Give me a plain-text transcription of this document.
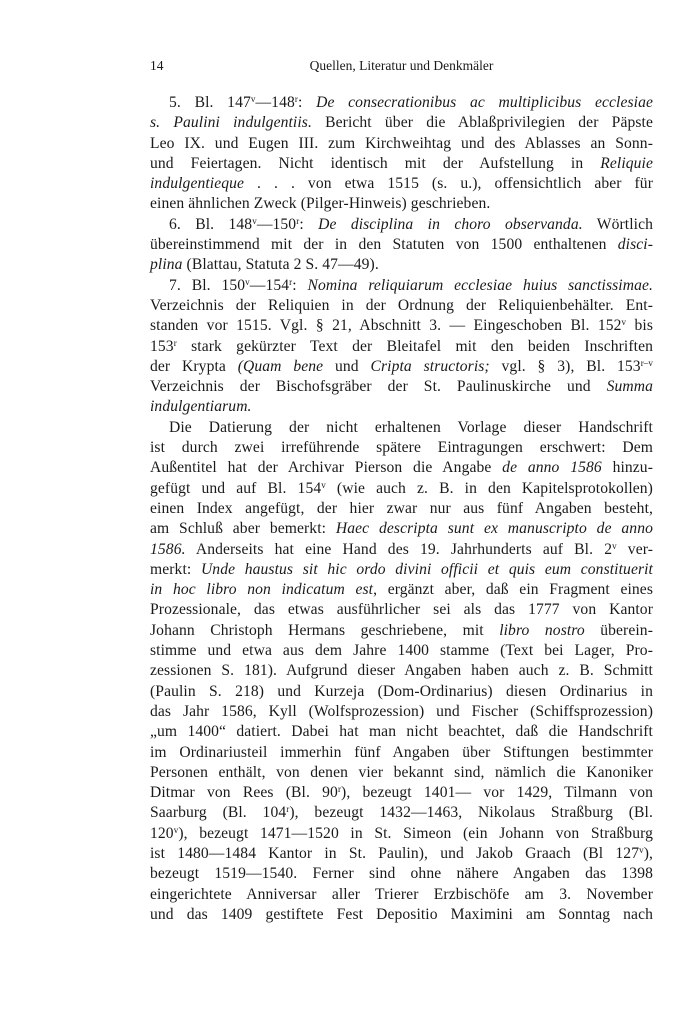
14	Quellen, Literatur und Denkmäler
5. Bl. 147$^v$—148$^r$: De consecrationibus ac multiplicibus ecclesiae
s. Paulini indulgentiis. Bericht über die Ablaßprivilegien der Päpste
Leo IX. und Eugen III. zum Kirchweihtag und des Ablasses an Sonn-
und Feiertagen. Nicht identisch mit der Aufstellung in Reliquie
indulgentieque . . . von etwa 1515 (s. u.), offensichtlich aber für
einen ähnlichen Zweck (Pilger-Hinweis) geschrieben.
6. Bl. 148$^v$—150$^r$: De disciplina in choro observanda. Wörtlich
übereinstimmend mit der in den Statuten von 1500 enthaltenen disci-
plina (Blattau, Statuta 2 S. 47—49).
7. Bl. 150$^v$—154$^r$: Nomina reliquiarum ecclesiae huius sanctissimae.
Verzeichnis der Reliquien in der Ordnung der Reliquienbehälter. Ent-
standen vor 1515. Vgl. § 21, Abschnitt 3. — Eingeschoben Bl. 152$^v$ bis
153$^r$ stark gekürzter Text der Bleitafel mit den beiden Inschriften
der Krypta (Quam bene und Cripta structoris; vgl. § 3), Bl. 153$^{r-v}$
Verzeichnis der Bischofsgräber der St. Paulinuskirche und Summa
indulgentiarum.
Die Datierung der nicht erhaltenen Vorlage dieser Handschrift
ist durch zwei irreführende spätere Eintragungen erschwert: Dem
Außentitel hat der Archivar Pierson die Angabe de anno 1586 hinzu-
gefügt und auf Bl. 154$^v$ (wie auch z. B. in den Kapitelsprotokollen)
einen Index angefügt, der hier zwar nur aus fünf Angaben besteht,
am Schluß aber bemerkt: Haec descripta sunt ex manuscripto de anno
1586. Anderseits hat eine Hand des 19. Jahrhunderts auf Bl. 2$^v$ ver-
merkt: Unde haustus sit hic ordo divini officii et quis eum constituerit
in hoc libro non indicatum est, ergänzt aber, daß ein Fragment eines
Prozessionale, das etwas ausführlicher sei als das 1777 von Kantor
Johann Christoph Hermans geschriebene, mit libro nostro überein-
stimme und etwa aus dem Jahre 1400 stamme (Text bei Lager, Pro-
zessionen S. 181). Aufgrund dieser Angaben haben auch z. B. Schmitt
(Paulin S. 218) und Kurzeja (Dom-Ordinarius) diesen Ordinarius in
das Jahr 1586, Kyll (Wolfsprozession) und Fischer (Schiffsprozession)
„um 1400“ datiert. Dabei hat man nicht beachtet, daß die Handschrift
im Ordinariusteil immerhin fünf Angaben über Stiftungen bestimmter
Personen enthält, von denen vier bekannt sind, nämlich die Kanoniker
Ditmar von Rees (Bl. 90$^r$), bezeugt 1401— vor 1429, Tilmann von
Saarburg (Bl. 104$^r$), bezeugt 1432—1463, Nikolaus Straßburg (Bl.
120$^v$), bezeugt 1471—1520 in St. Simeon (ein Johann von Straßburg
ist 1480—1484 Kantor in St. Paulin), und Jakob Graach (Bl 127$^v$),
bezeugt 1519—1540. Ferner sind ohne nähere Angaben das 1398
eingerichtete Anniversar aller Trierer Erzbischöfe am 3. November
und das 1409 gestiftete Fest Depositio Maximini am Sonntag nach
